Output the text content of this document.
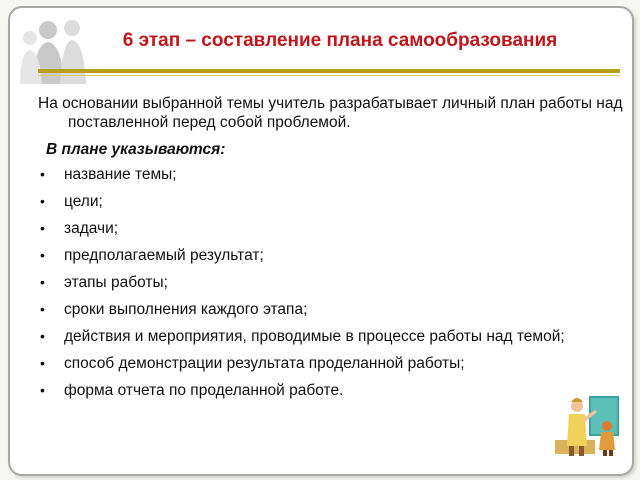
6 этап – составление плана самообразования

На основании выбранной темы учитель разрабатывает личный план работы над поставленной перед собой проблемой.

В плане указываются:

• название темы;
• цели;
• задачи;
• предполагаемый результат;
• этапы работы;
• сроки выполнения каждого этапа;
• действия и мероприятия, проводимые в процессе работы над темой;
• способ демонстрации результата проделанной работы;
• форма отчета по проделанной работе.
